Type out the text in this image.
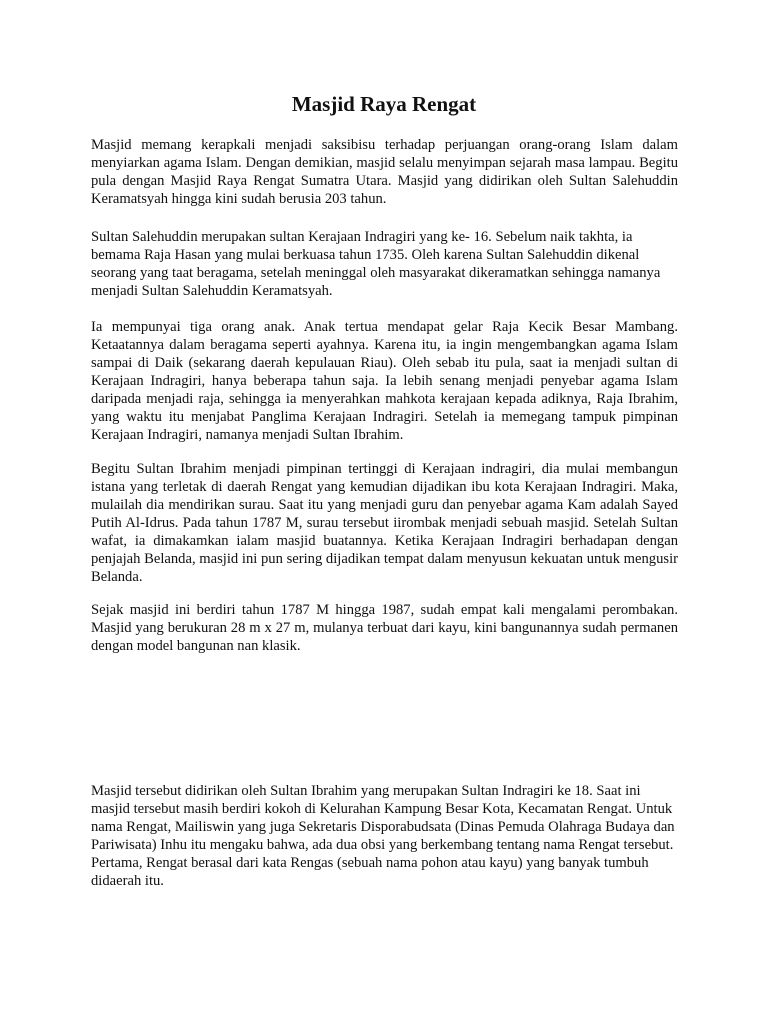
Masjid Raya Rengat

Masjid memang kerapkali menjadi saksibisu terhadap perjuangan orang-orang Islam dalam menyiarkan agama Islam. Dengan demikian, masjid selalu menyimpan sejarah masa lampau. Begitu pula dengan Masjid Raya Rengat Sumatra Utara. Masjid yang didirikan oleh Sultan Salehuddin Keramatsyah hingga kini sudah berusia 203 tahun.

Sultan Salehuddin merupakan sultan Kerajaan Indragiri yang ke- 16. Sebelum naik takhta, ia bemama Raja Hasan yang mulai berkuasa tahun 1735. Oleh karena Sultan Salehuddin dikenal seorang yang taat beragama, setelah meninggal oleh masyarakat dikeramatkan sehingga namanya menjadi Sultan Salehuddin Keramatsyah.

Ia mempunyai tiga orang anak. Anak tertua mendapat gelar Raja Kecik Besar Mambang. Ketaatannya dalam beragama seperti ayahnya. Karena itu, ia ingin mengembangkan agama Islam sampai di Daik (sekarang daerah kepulauan Riau). Oleh sebab itu pula, saat ia menjadi sultan di Kerajaan Indragiri, hanya beberapa tahun saja. Ia lebih senang menjadi penyebar agama Islam daripada menjadi raja, sehingga ia menyerahkan mahkota kerajaan kepada adiknya, Raja Ibrahim, yang waktu itu menjabat Panglima Kerajaan Indragiri. Setelah ia memegang tampuk pimpinan Kerajaan Indragiri, namanya menjadi Sultan Ibrahim.

Begitu Sultan Ibrahim menjadi pimpinan tertinggi di Kerajaan indragiri, dia mulai membangun istana yang terletak di daerah Rengat yang kemudian dijadikan ibu kota Kerajaan Indragiri. Maka, mulailah dia mendirikan surau. Saat itu yang menjadi guru dan penyebar agama Kam adalah Sayed Putih Al-Idrus. Pada tahun 1787 M, surau tersebut iirombak menjadi sebuah masjid. Setelah Sultan wafat, ia dimakamkan ialam masjid buatannya. Ketika Kerajaan Indragiri berhadapan dengan penjajah Belanda, masjid ini pun sering dijadikan tempat dalam menyusun kekuatan untuk mengusir Belanda.

Sejak masjid ini berdiri tahun 1787 M hingga 1987, sudah empat kali mengalami perombakan. Masjid yang berukuran 28 m x 27 m, mulanya terbuat dari kayu, kini bangunannya sudah permanen dengan model bangunan nan klasik.

Masjid tersebut didirikan oleh Sultan Ibrahim yang merupakan Sultan Indragiri ke 18. Saat ini masjid tersebut masih berdiri kokoh di Kelurahan Kampung Besar Kota, Kecamatan Rengat. Untuk nama Rengat, Mailiswin yang juga Sekretaris Disporabudsata (Dinas Pemuda Olahraga Budaya dan Pariwisata) Inhu itu mengaku bahwa, ada dua obsi yang berkembang tentang nama Rengat tersebut. Pertama, Rengat berasal dari kata Rengas (sebuah nama pohon atau kayu) yang banyak tumbuh didaerah itu.
